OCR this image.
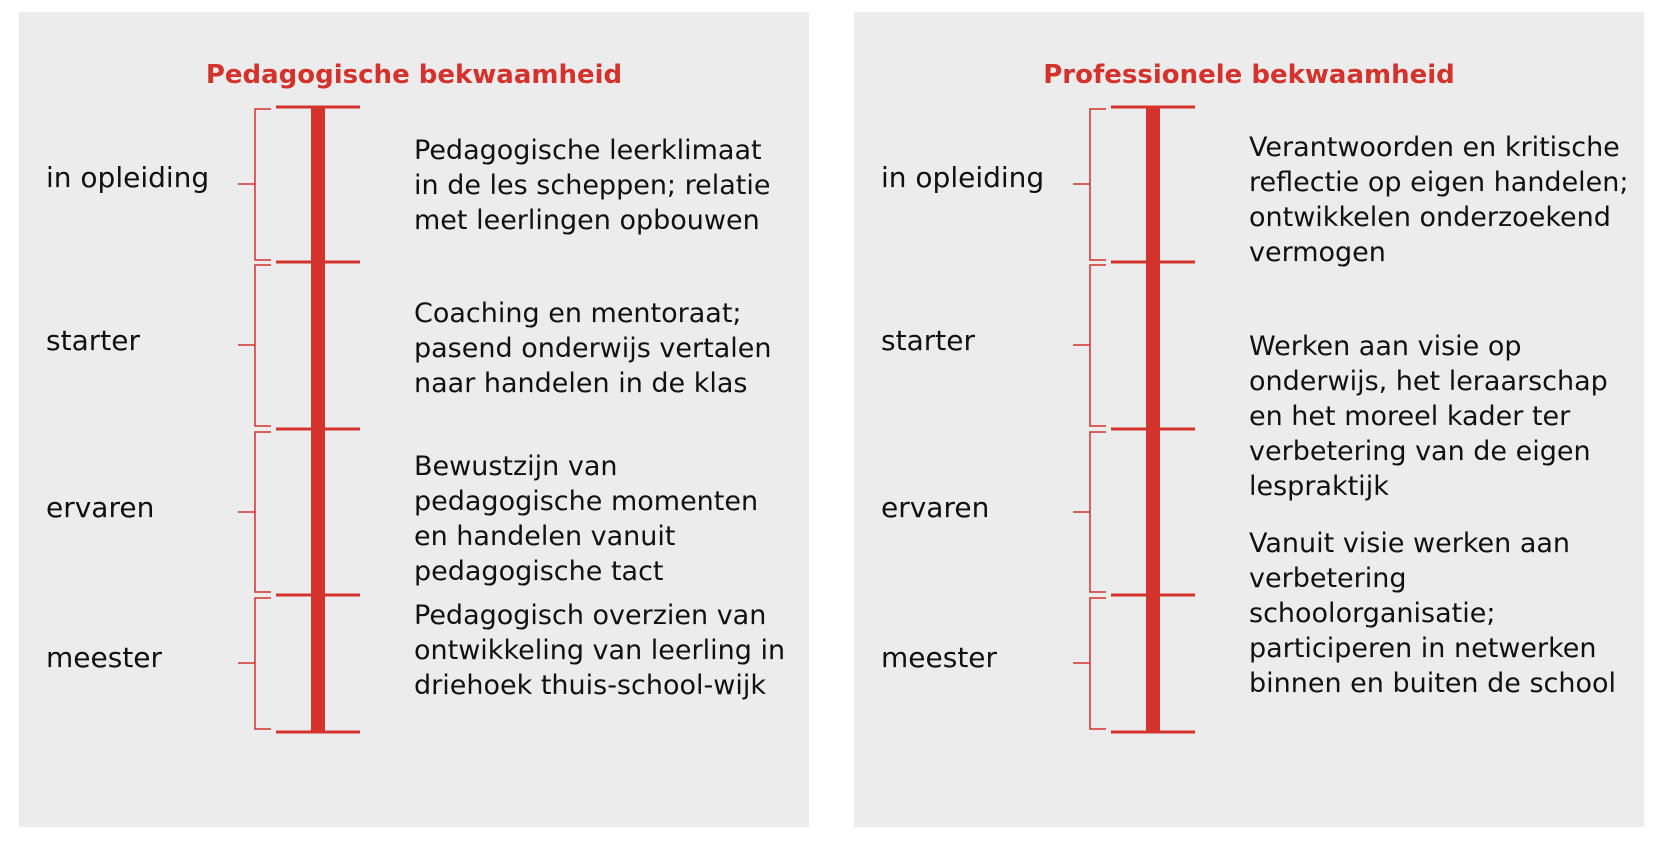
Pedagogische bekwaamheid
in opleiding
starter
ervaren
meester
Pedagogische leerklimaat in de les scheppen; relatie met leerlingen opbouwen
Coaching en mentoraat; pasend onderwijs vertalen naar handelen in de klas
Bewustzijn van pedagogische momenten en handelen vanuit pedagogische tact
Pedagogisch overzien van ontwikkeling van leerling in driehoek thuis-school-wijk
Professionele bekwaamheid
in opleiding
starter
ervaren
meester
Verantwoorden en kritische reflectie op eigen handelen; ontwikkelen onderzoekend vermogen
Werken aan visie op onderwijs, het leraarschap en het moreel kader ter verbetering van de eigen lespraktijk
Vanuit visie werken aan verbetering schoolorganisatie; participeren in netwerken binnen en buiten de school
